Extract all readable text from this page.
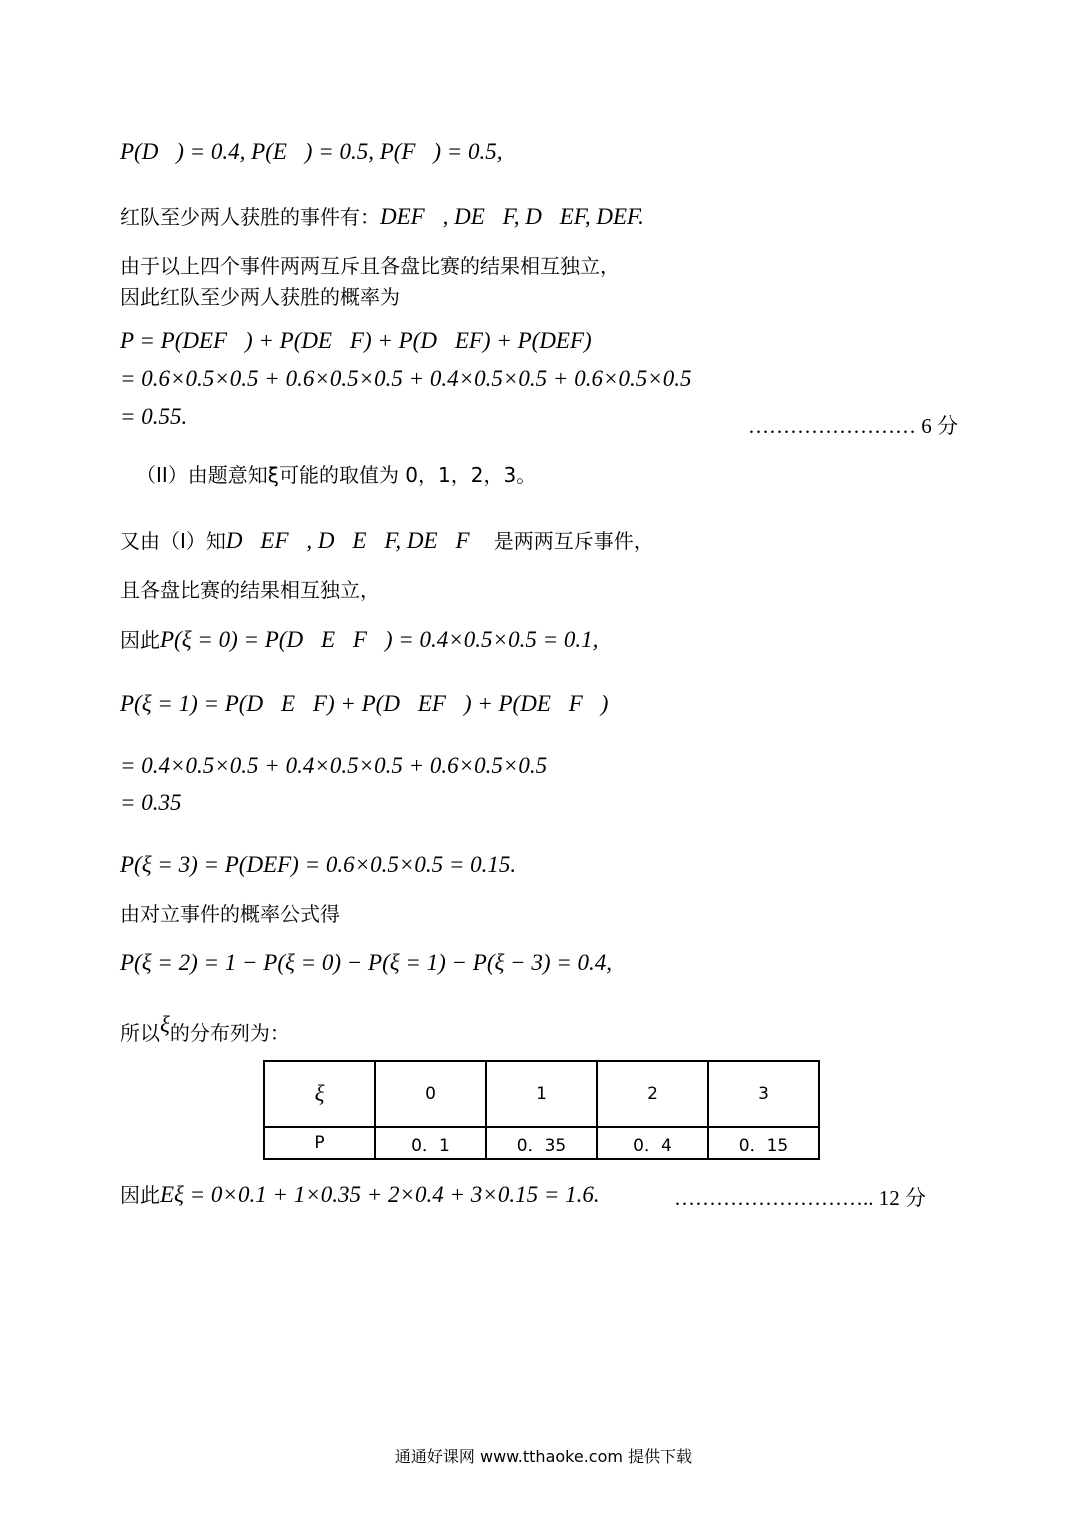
P(D⃗) = 0.4, P(E⃗) = 0.5, P(F⃗) = 0.5,
红队至少两人获胜的事件有：DEF⃗, DE⃗F, D⃗EF, DEF.
由于以上四个事件两两互斥且各盘比赛的结果相互独立，
因此红队至少两人获胜的概率为
P = P(DEF⃗) + P(DE⃗F) + P(D⃗EF) + P(DEF)
= 0.6×0.5×0.5 + 0.6×0.5×0.5 + 0.4×0.5×0.5 + 0.6×0.5×0.5
= 0.55.	…………………… 6 分
（II）由题意知ξ可能的取值为 0，1，2，3。
又由（I）知D⃗EF⃗, D⃗E⃗F, DE⃗F⃗ 是两两互斥事件，
且各盘比赛的结果相互独立，
因此P(ξ = 0) = P(D⃗E⃗F⃗) = 0.4×0.5×0.5 = 0.1,
P(ξ = 1) = P(D⃗E⃗F) + P(D⃗EF⃗) + P(DE⃗F⃗)
= 0.4×0.5×0.5 + 0.4×0.5×0.5 + 0.6×0.5×0.5
= 0.35
P(ξ = 3) = P(DEF) = 0.6×0.5×0.5 = 0.15.
由对立事件的概率公式得
P(ξ = 2) = 1 − P(ξ = 0) − P(ξ = 1) − P(ξ − 3) = 0.4,
所以ξ的分布列为：
ξ	0	1	2	3
P	0．1	0．35	0．4	0．15
因此Eξ = 0×0.1 + 1×0.35 + 2×0.4 + 3×0.15 = 1.6.	……………………….. 12 分
通通好课网 www.tthaoke.com 提供下载
